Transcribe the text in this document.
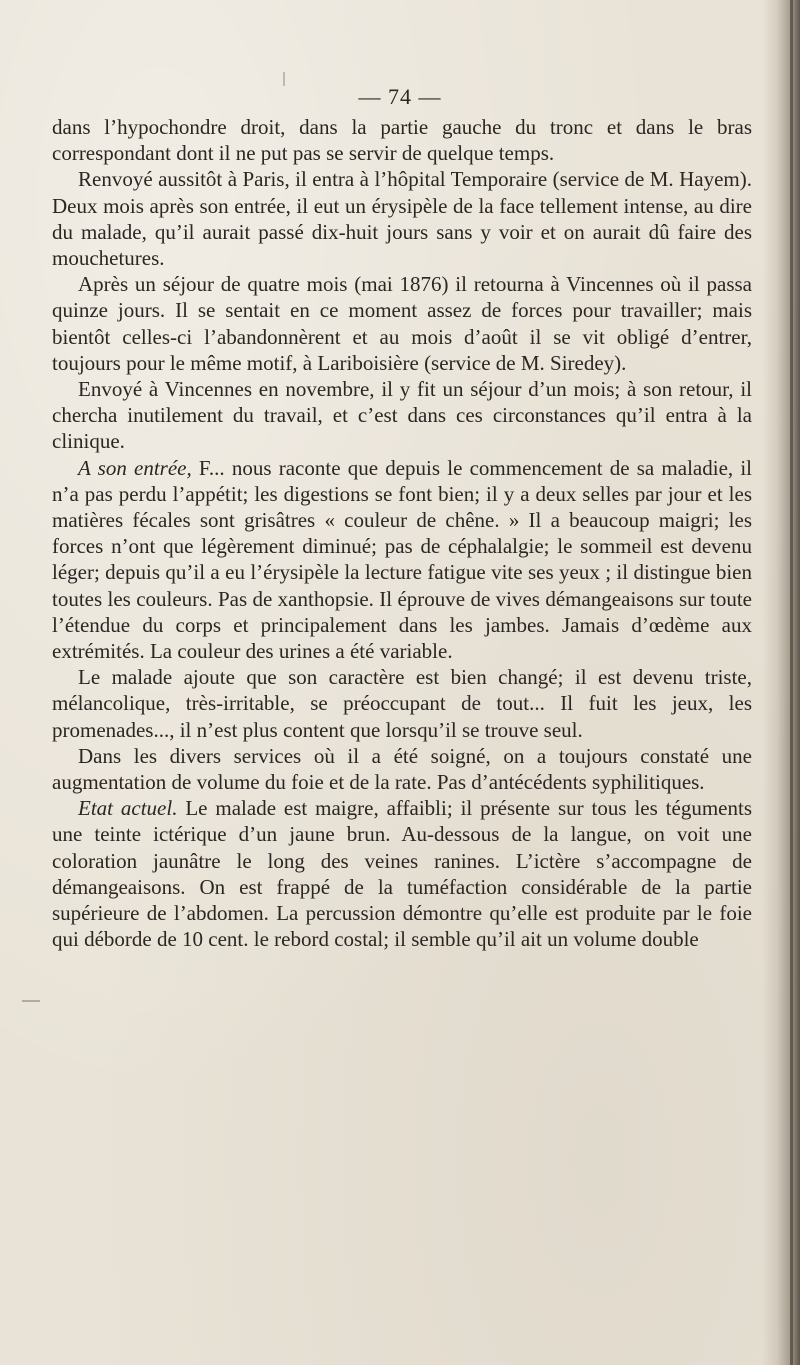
— 74 —

dans l’hypochondre droit, dans la partie gauche du tronc et dans le bras correspondant dont il ne put pas se servir de quelque temps.

Renvoyé aussitôt à Paris, il entra à l’hôpital Temporaire (service de M. Hayem). Deux mois après son entrée, il eut un érysipèle de la face tellement intense, au dire du malade, qu’il aurait passé dix-huit jours sans y voir et on aurait dû faire des mouchetures.

Après un séjour de quatre mois (mai 1876) il retourna à Vincennes où il passa quinze jours. Il se sentait en ce moment assez de forces pour travailler; mais bientôt celles-ci l’abandonnèrent et au mois d’août il se vit obligé d’entrer, toujours pour le même motif, à Lariboisière (service de M. Siredey).

Envoyé à Vincennes en novembre, il y fit un séjour d’un mois; à son retour, il chercha inutilement du travail, et c’est dans ces circonstances qu’il entra à la clinique.

A son entrée, F... nous raconte que depuis le commencement de sa maladie, il n’a pas perdu l’appétit; les digestions se font bien; il y a deux selles par jour et les matières fécales sont grisâtres « couleur de chêne. » Il a beaucoup maigri; les forces n’ont que légèrement diminué; pas de céphalalgie; le sommeil est devenu léger; depuis qu’il a eu l’érysipèle la lecture fatigue vite ses yeux ; il distingue bien toutes les couleurs. Pas de xanthopsie. Il éprouve de vives démangeaisons sur toute l’étendue du corps et principalement dans les jambes. Jamais d’œdème aux extrémités. La couleur des urines a été variable.

Le malade ajoute que son caractère est bien changé; il est devenu triste, mélancolique, très-irritable, se préoccupant de tout... Il fuit les jeux, les promenades..., il n’est plus content que lorsqu’il se trouve seul.

Dans les divers services où il a été soigné, on a toujours constaté une augmentation de volume du foie et de la rate. Pas d’antécédents syphilitiques.

Etat actuel. Le malade est maigre, affaibli; il présente sur tous les téguments une teinte ictérique d’un jaune brun. Au-dessous de la langue, on voit une coloration jaunâtre le long des veines ranines. L’ictère s’accompagne de démangeaisons. On est frappé de la tuméfaction considérable de la partie supérieure de l’abdomen. La percussion démontre qu’elle est produite par le foie qui déborde de 10 cent. le rebord costal; il semble qu’il ait un volume double
